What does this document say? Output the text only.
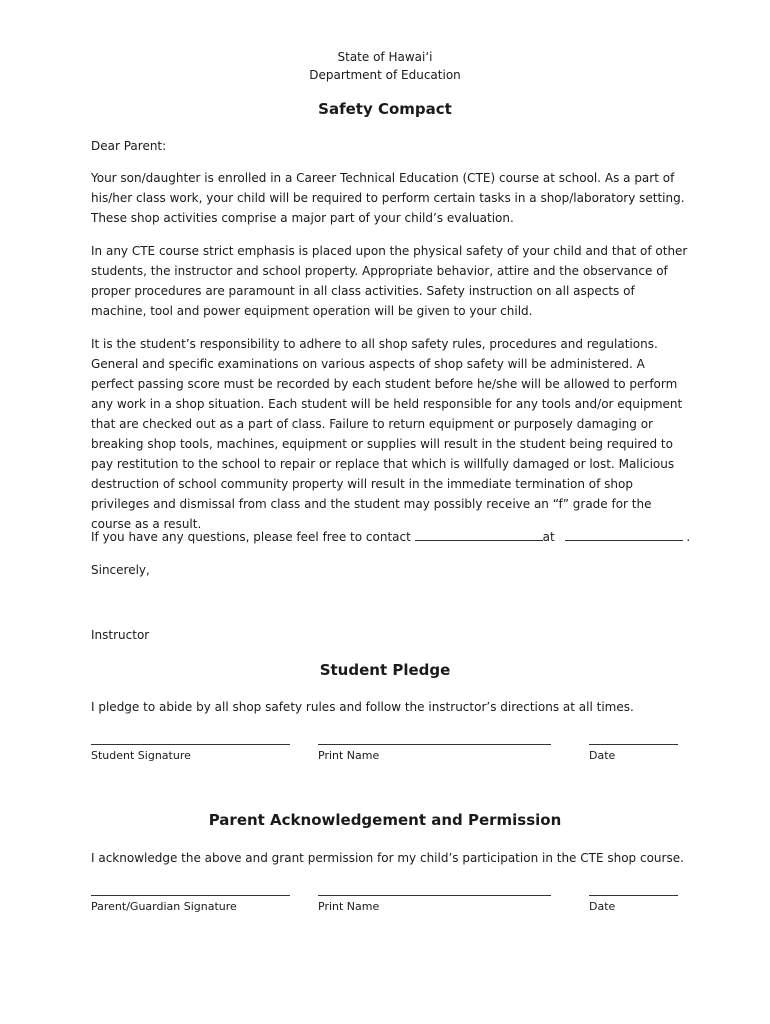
State of Hawai‘i
Department of Education
Safety Compact
Dear Parent:

Your son/daughter is enrolled in a Career Technical Education (CTE) course at school. As a part of his/her class work, your child will be required to perform certain tasks in a shop/laboratory setting. These shop activities comprise a major part of your child’s evaluation.

In any CTE course strict emphasis is placed upon the physical safety of your child and that of other students, the instructor and school property. Appropriate behavior, attire and the observance of proper procedures are paramount in all class activities. Safety instruction on all aspects of machine, tool and power equipment operation will be given to your child.

It is the student’s responsibility to adhere to all shop safety rules, procedures and regulations. General and specific examinations on various aspects of shop safety will be administered. A perfect passing score must be recorded by each student before he/she will be allowed to perform any work in a shop situation. Each student will be held responsible for any tools and/or equipment that are checked out as a part of class. Failure to return equipment or purposely damaging or breaking shop tools, machines, equipment or supplies will result in the student being required to pay restitution to the school to repair or replace that which is willfully damaged or lost. Malicious destruction of school community property will result in the immediate termination of shop privileges and dismissal from class and the student may possibly receive an “f” grade for the course as a result.

If you have any questions, please feel free to contact	at	.
Sincerely,
Instructor
Student Pledge
I pledge to abide by all shop safety rules and follow the instructor’s directions at all times.
Student Signature	Print Name	Date
Parent Acknowledgement and Permission
I acknowledge the above and grant permission for my child’s participation in the CTE shop course.
Parent/Guardian Signature	Print Name	Date
